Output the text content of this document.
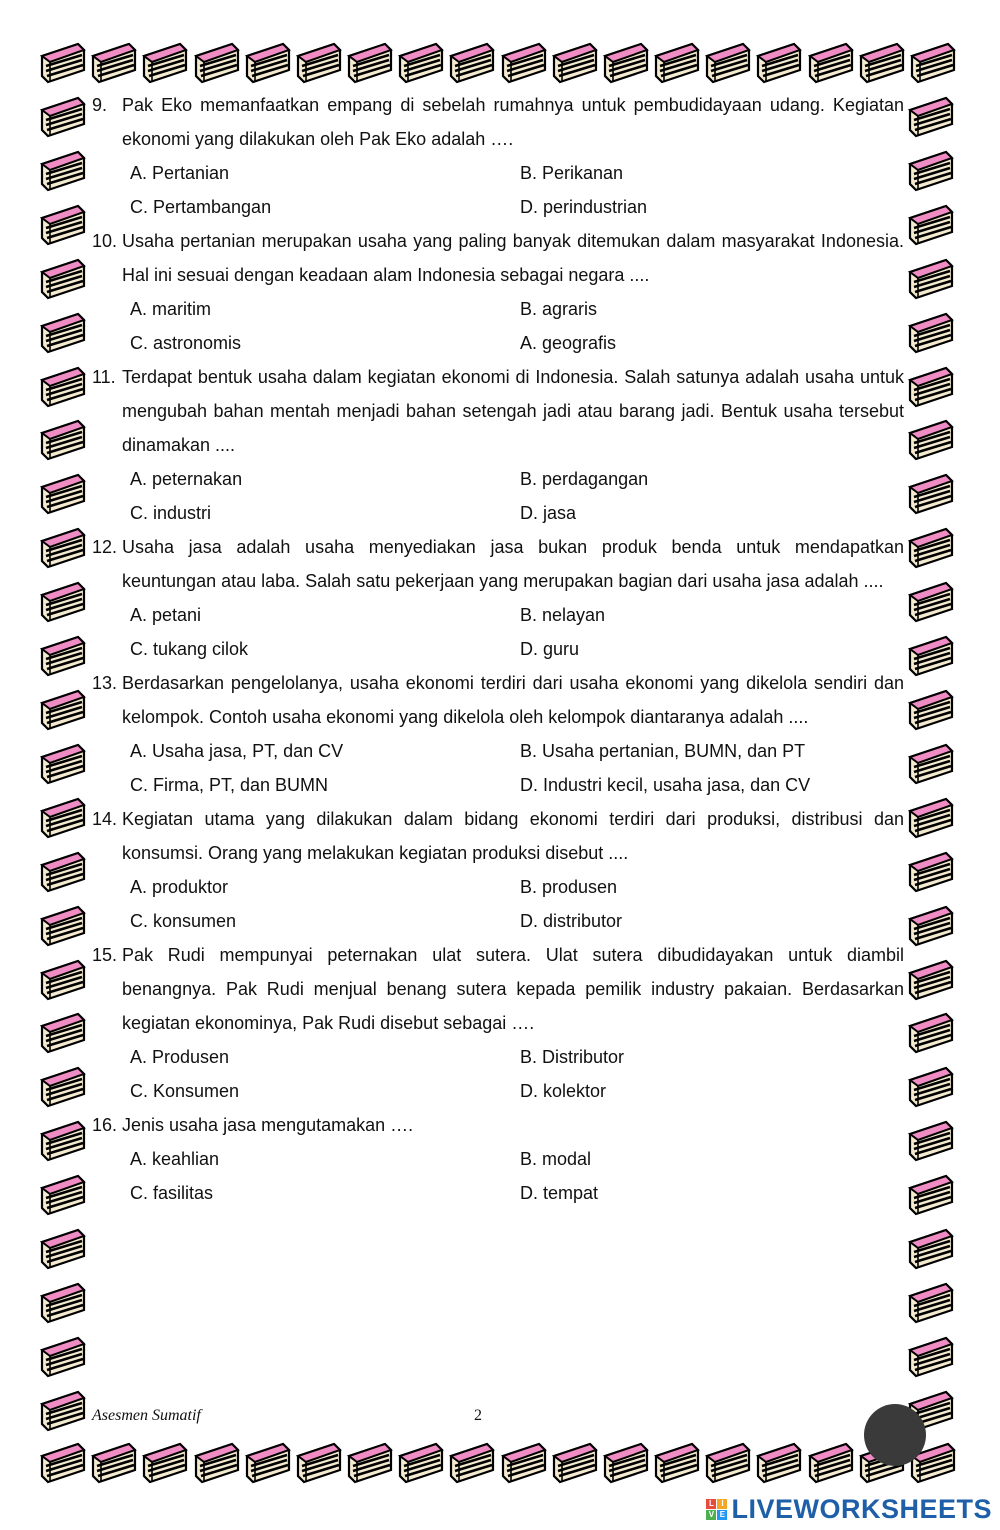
9. Pak Eko memanfaatkan empang di sebelah rumahnya untuk pembudidayaan udang. Kegiatan ekonomi yang dilakukan oleh Pak Eko adalah ….
A. Pertanian	B. Perikanan
C. Pertambangan	D. perindustrian
10. Usaha pertanian merupakan usaha yang paling banyak ditemukan dalam masyarakat Indonesia. Hal ini sesuai dengan keadaan alam Indonesia sebagai negara ....
A. maritim	B. agraris
C. astronomis	A. geografis
11. Terdapat bentuk usaha dalam kegiatan ekonomi di Indonesia. Salah satunya adalah usaha untuk mengubah bahan mentah menjadi bahan setengah jadi atau barang jadi. Bentuk usaha tersebut dinamakan ....
A. peternakan	B. perdagangan
C. industri	D. jasa
12. Usaha jasa adalah usaha menyediakan jasa bukan produk benda untuk mendapatkan keuntungan atau laba. Salah satu pekerjaan yang merupakan bagian dari usaha jasa adalah ....
A. petani	B. nelayan
C. tukang cilok	D. guru
13. Berdasarkan pengelolanya, usaha ekonomi terdiri dari usaha ekonomi yang dikelola sendiri dan kelompok. Contoh usaha ekonomi yang dikelola oleh kelompok diantaranya adalah ....
A. Usaha jasa, PT, dan CV	B. Usaha pertanian, BUMN, dan PT
C. Firma, PT, dan BUMN	D. Industri kecil, usaha jasa, dan CV
14. Kegiatan utama yang dilakukan dalam bidang ekonomi terdiri dari produksi, distribusi dan konsumsi. Orang yang melakukan kegiatan produksi disebut ....
A. produktor	B. produsen
C. konsumen	D. distributor
15. Pak Rudi mempunyai peternakan ulat sutera. Ulat sutera dibudidayakan untuk diambil benangnya. Pak Rudi menjual benang sutera kepada pemilik industry pakaian. Berdasarkan kegiatan ekonominya, Pak Rudi disebut sebagai ….
A. Produsen	B. Distributor
C. Konsumen	D. kolektor
16. Jenis usaha jasa mengutamakan ….
A. keahlian	B. modal
C. fasilitas	D. tempat
Asesmen Sumatif	2
L I
V E LIVEWORKSHEETS
